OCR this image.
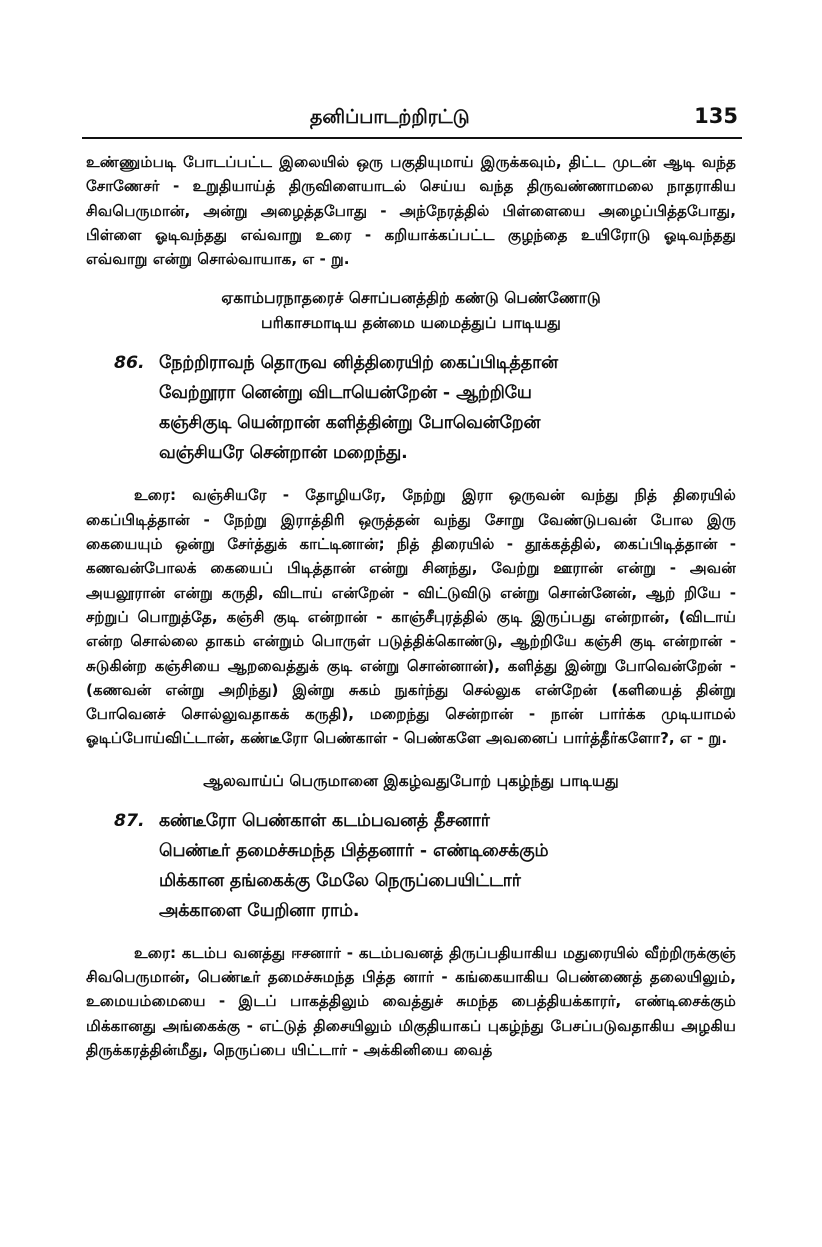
தனிப்பாடற்றிரட்டு	135

உண்ணும்படி போடப்பட்ட இலையில் ஒரு பகுதியுமாய் இருக்கவும், திட்ட முடன் ஆடி வந்த சோணேசர் - உறுதியாய்த் திருவிளையாடல் செய்ய வந்த திருவண்ணாமலை நாதராகிய சிவபெருமான், அன்று அழைத்தபோது - அந்நேரத்தில் பிள்ளையை அழைப்பித்தபோது, பிள்ளை ஓடிவந்தது எவ்வாறு உரை - கறியாக்கப்பட்ட குழந்தை உயிரோடு ஓடிவந்தது எவ்வாறு என்று சொல்வாயாக, எ - று.

ஏகாம்பரநாதரைச் சொப்பனத்திற் கண்டு பெண்ணோடு
பரிகாசமாடிய தன்மை யமைத்துப் பாடியது
86. நேற்றிராவந் தொருவ னித்திரையிற் கைப்பிடித்தான்
வேற்றூரா னென்று விடாயென்றேன் - ஆற்றியே
கஞ்சிகுடி யென்றான் களித்தின்று போவென்றேன்
வஞ்சியரே சென்றான் மறைந்து.

உரை: வஞ்சியரே - தோழியரே, நேற்று இரா ஒருவன் வந்து நித் திரையில் கைப்பிடித்தான் - நேற்று இராத்திரி ஒருத்தன் வந்து சோறு வேண்டுபவன் போல இரு கையையும் ஒன்று சேர்த்துக் காட்டினான்; நித் திரையில் - தூக்கத்தில், கைப்பிடித்தான் - கணவன்போலக் கையைப் பிடித்தான் என்று சினந்து, வேற்று ஊரான் என்று - அவன் அயலூரான் என்று கருதி, விடாய் என்றேன் - விட்டுவிடு என்று சொன்னேன், ஆற் றியே - சற்றுப் பொறுத்தே, கஞ்சி குடி என்றான் - காஞ்சீபுரத்தில் குடி இருப்பது என்றான், (விடாய் என்ற சொல்லை தாகம் என்றும் பொருள் படுத்திக்கொண்டு, ஆற்றியே கஞ்சி குடி என்றான் - சுடுகின்ற கஞ்சியை ஆறவைத்துக் குடி என்று சொன்னான்), களித்து இன்று போவென்றேன் - (கணவன் என்று அறிந்து) இன்று சுகம் நுகர்ந்து செல்லுக என்றேன் (களியைத் தின்று போவெனச் சொல்லுவதாகக் கருதி), மறைந்து சென்றான் - நான் பார்க்க முடியாமல் ஓடிப்போய்விட்டான், கண்டீரோ பெண்காள் - பெண்களே அவனைப் பார்த்தீர்களோ?, எ - று.

ஆலவாய்ப் பெருமானை இகழ்வதுபோற் புகழ்ந்து பாடியது
87. கண்டீரோ பெண்காள் கடம்பவனத் தீசனார்
பெண்டீர் தமைச்சுமந்த பித்தனார் - எண்டிசைக்கும்
மிக்கான தங்கைக்கு மேலே நெருப்பையிட்டார்
அக்காளை யேறினா ராம்.

உரை: கடம்ப வனத்து ஈசனார் - கடம்பவனத் திருப்பதியாகிய மதுரையில் வீற்றிருக்குஞ் சிவபெருமான், பெண்டீர் தமைச்சுமந்த பித்த னார் - கங்கையாகிய பெண்ணைத் தலையிலும், உமையம்மையை - இடப் பாகத்திலும் வைத்துச் சுமந்த பைத்தியக்காரர், எண்டிசைக்கும் மிக்கானது அங்கைக்கு - எட்டுத் திசையிலும் மிகுதியாகப் புகழ்ந்து பேசப்படுவதாகிய அழகிய திருக்கரத்தின்மீது, நெருப்பை யிட்டார் - அக்கினியை வைத்
